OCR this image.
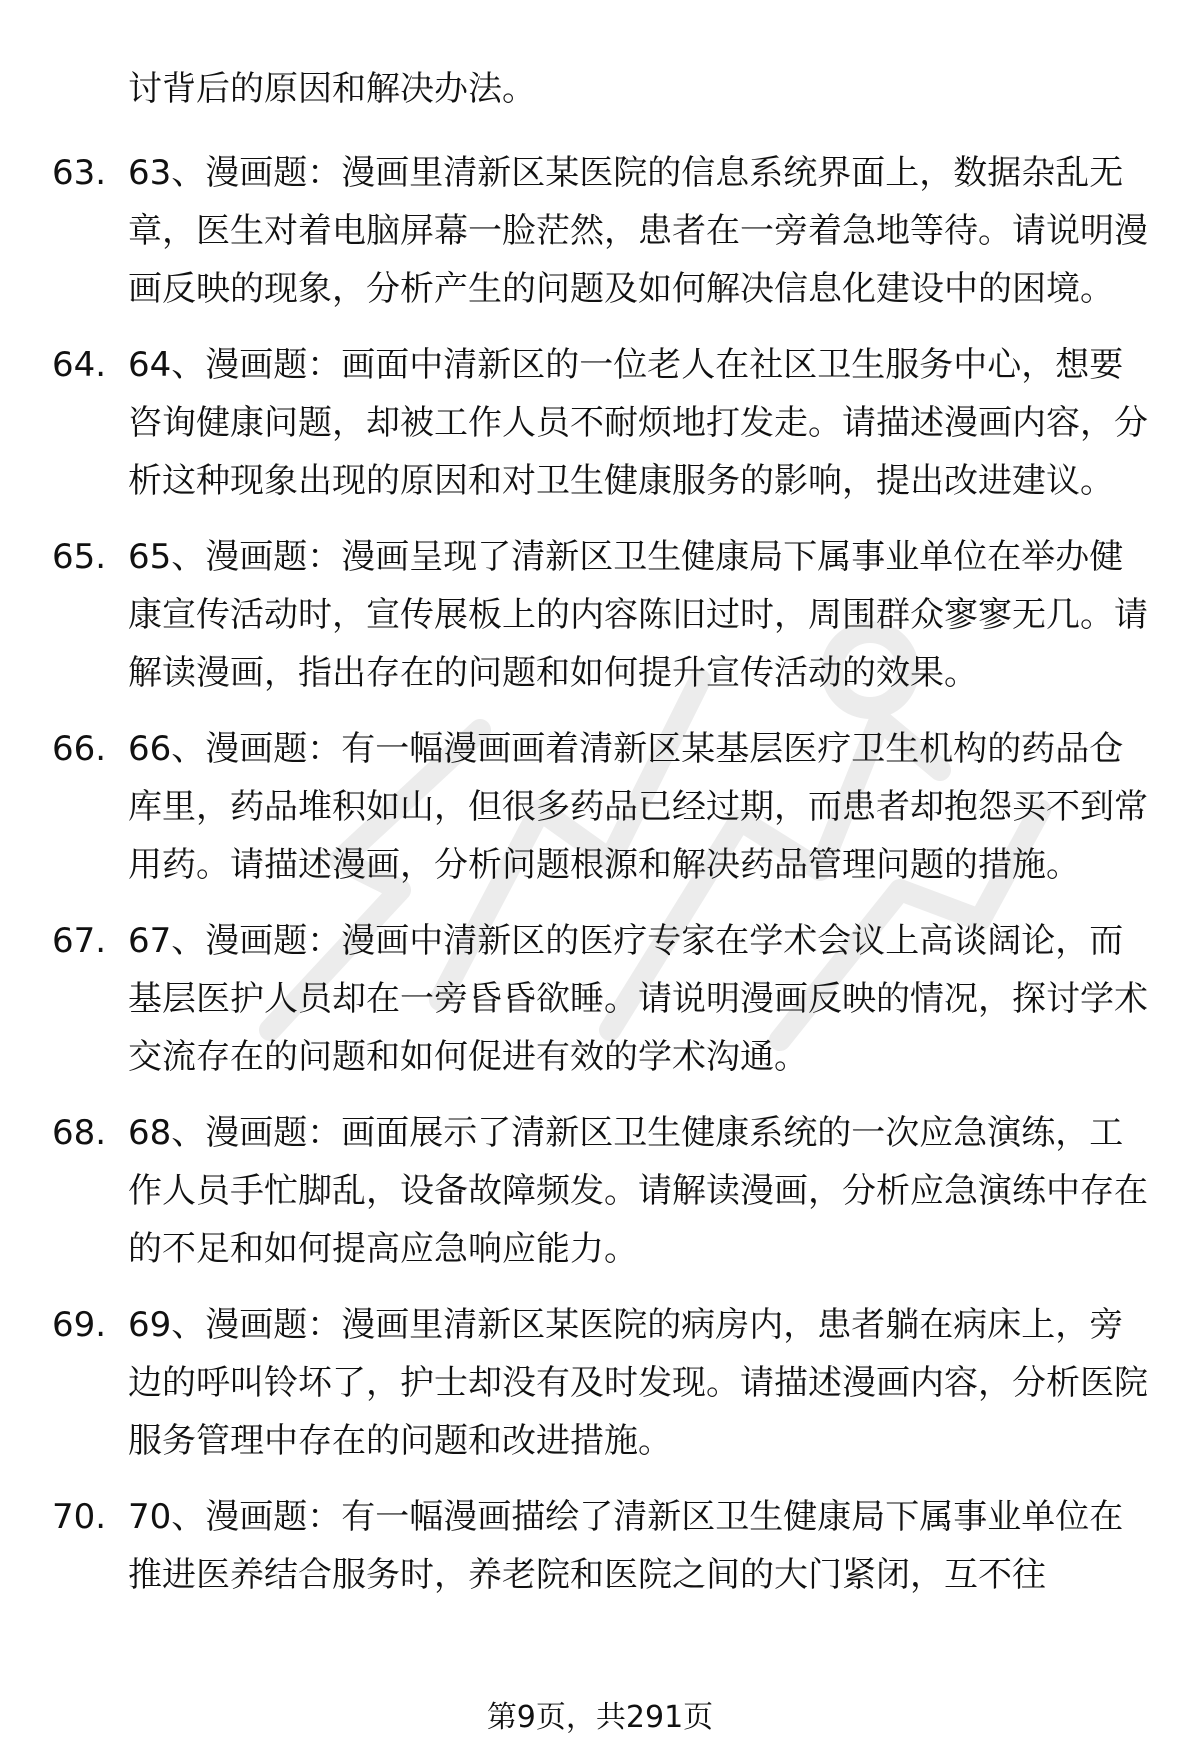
讨背后的原因和解决办法。

63. 63、漫画题：漫画里清新区某医院的信息系统界面上，数据杂乱无章，医生对着电脑屏幕一脸茫然，患者在一旁着急地等待。请说明漫画反映的现象，分析产生的问题及如何解决信息化建设中的困境。
64. 64、漫画题：画面中清新区的一位老人在社区卫生服务中心，想要咨询健康问题，却被工作人员不耐烦地打发走。请描述漫画内容，分析这种现象出现的原因和对卫生健康服务的影响，提出改进建议。
65. 65、漫画题：漫画呈现了清新区卫生健康局下属事业单位在举办健康宣传活动时，宣传展板上的内容陈旧过时，周围群众寥寥无几。请解读漫画，指出存在的问题和如何提升宣传活动的效果。
66. 66、漫画题：有一幅漫画画着清新区某基层医疗卫生机构的药品仓库里，药品堆积如山，但很多药品已经过期，而患者却抱怨买不到常用药。请描述漫画，分析问题根源和解决药品管理问题的措施。
67. 67、漫画题：漫画中清新区的医疗专家在学术会议上高谈阔论，而基层医护人员却在一旁昏昏欲睡。请说明漫画反映的情况，探讨学术交流存在的问题和如何促进有效的学术沟通。
68. 68、漫画题：画面展示了清新区卫生健康系统的一次应急演练，工作人员手忙脚乱，设备故障频发。请解读漫画，分析应急演练中存在的不足和如何提高应急响应能力。
69. 69、漫画题：漫画里清新区某医院的病房内，患者躺在病床上，旁边的呼叫铃坏了，护士却没有及时发现。请描述漫画内容，分析医院服务管理中存在的问题和改进措施。
70. 70、漫画题：有一幅漫画描绘了清新区卫生健康局下属事业单位在推进医养结合服务时，养老院和医院之间的大门紧闭，互不往
第9页，共291页
